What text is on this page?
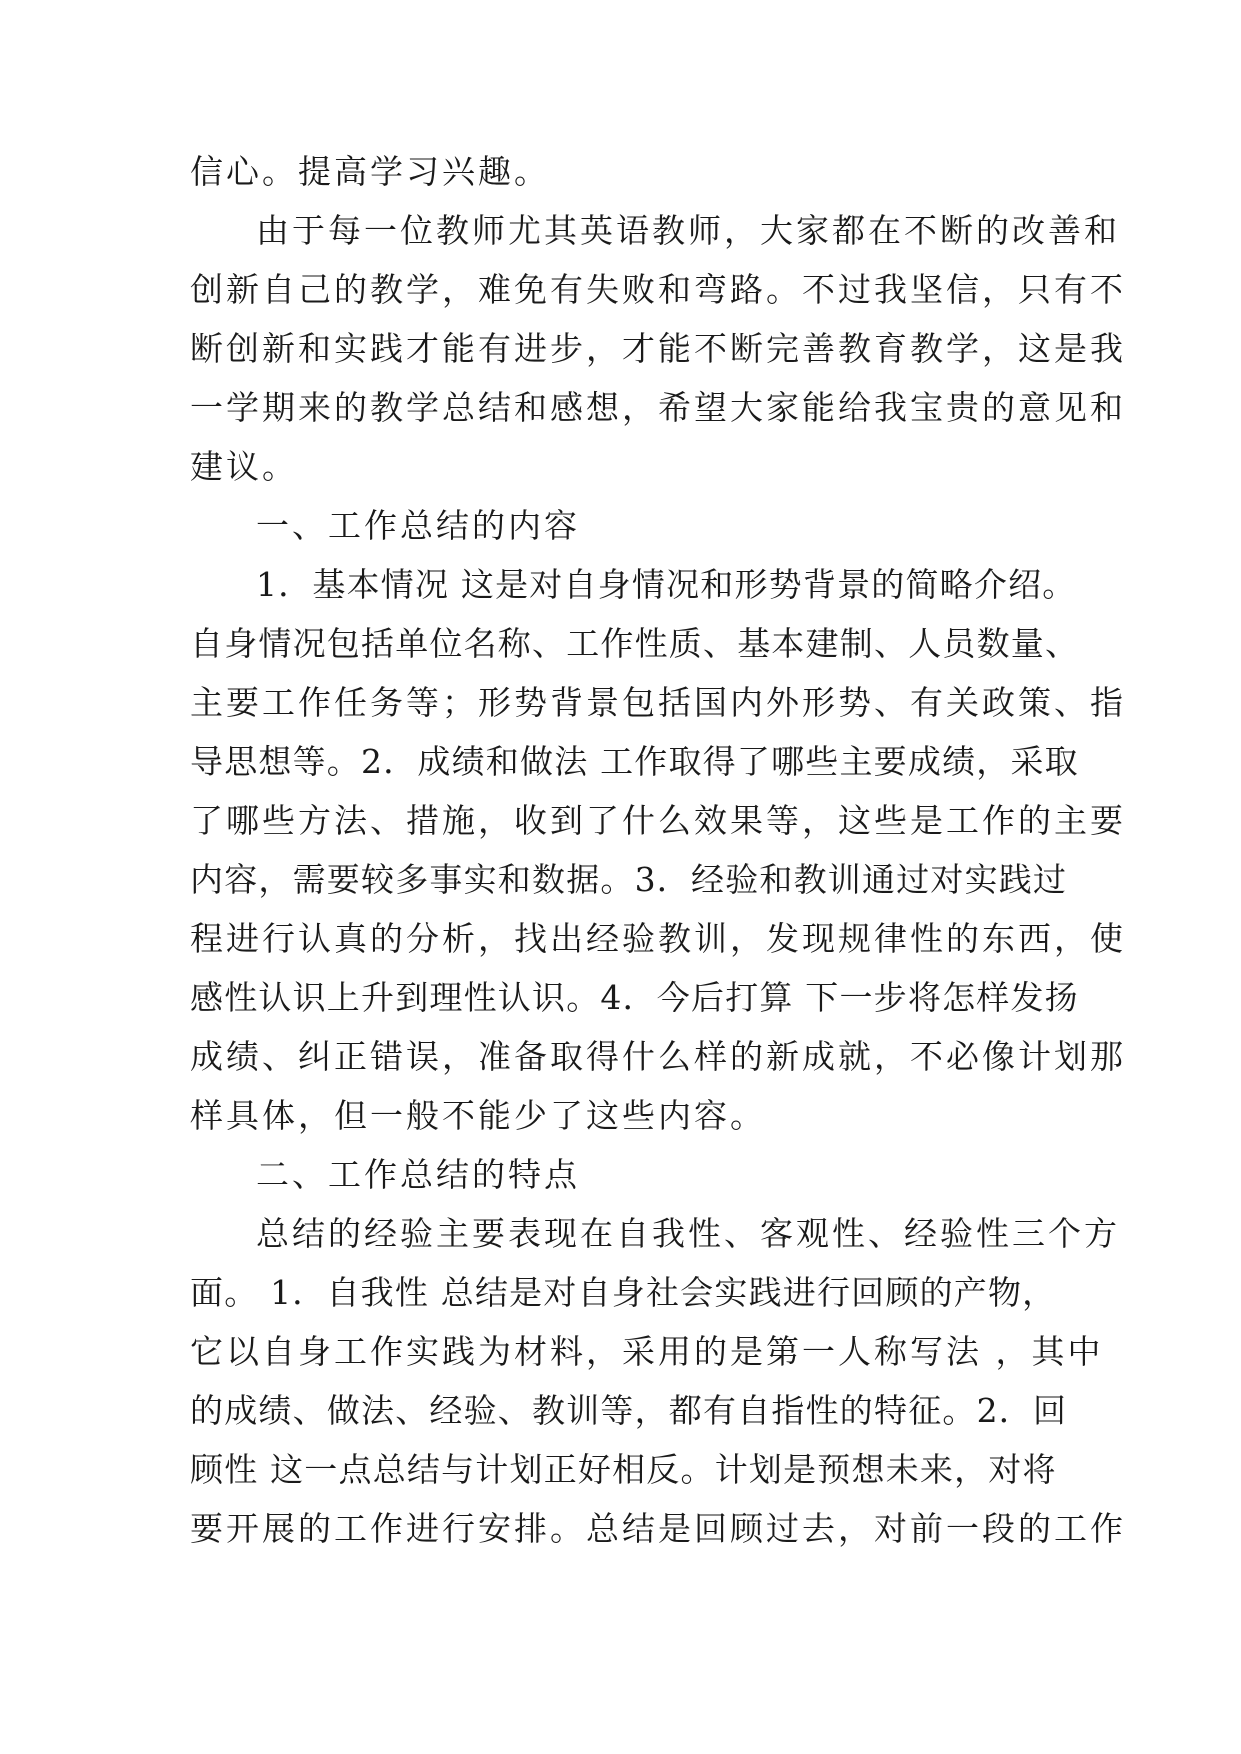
信心。提高学习兴趣。
由于每一位教师尤其英语教师，大家都在不断的改善和
创新自己的教学，难免有失败和弯路。不过我坚信，只有不
断创新和实践才能有进步，才能不断完善教育教学，这是我
一学期来的教学总结和感想，希望大家能给我宝贵的意见和
建议。
一、工作总结的内容
1．基本情况 这是对自身情况和形势背景的简略介绍。
自身情况包括单位名称、工作性质、基本建制、人员数量、
主要工作任务等；形势背景包括国内外形势、有关政策、指
导思想等。2．成绩和做法 工作取得了哪些主要成绩，采取
了哪些方法、措施，收到了什么效果等，这些是工作的主要
内容，需要较多事实和数据。3．经验和教训通过对实践过
程进行认真的分析，找出经验教训，发现规律性的东西，使
感性认识上升到理性认识。4．今后打算 下一步将怎样发扬
成绩、纠正错误，准备取得什么样的新成就，不必像计划那
样具体，但一般不能少了这些内容。
二、工作总结的特点
总结的经验主要表现在自我性、客观性、经验性三个方
面。 1．自我性 总结是对自身社会实践进行回顾的产物，
它以自身工作实践为材料，采用的是第一人称写法 ，其中
的成绩、做法、经验、教训等，都有自指性的特征。2．回
顾性 这一点总结与计划正好相反。计划是预想未来，对将
要开展的工作进行安排。总结是回顾过去，对前一段的工作
